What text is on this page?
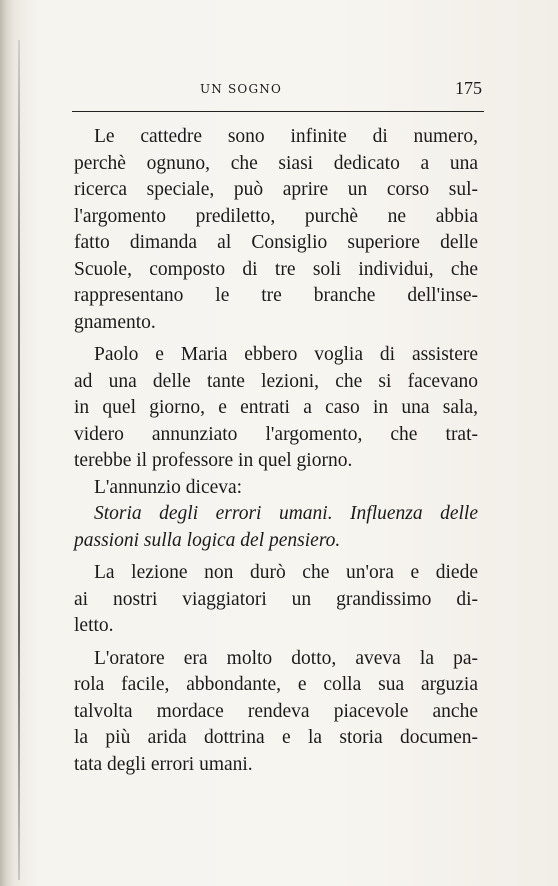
UN SOGNO	175
Le cattedre sono infinite di numero,
perchè ognuno, che siasi dedicato a una
ricerca speciale, può aprire un corso sul-
l'argomento prediletto, purchè ne abbia
fatto dimanda al Consiglio superiore delle
Scuole, composto di tre soli individui, che
rappresentano le tre branche dell'inse-
gnamento.
Paolo e Maria ebbero voglia di assistere
ad una delle tante lezioni, che si facevano
in quel giorno, e entrati a caso in una sala,
videro annunziato l'argomento, che trat-
terebbe il professore in quel giorno.
L'annunzio diceva:
Storia degli errori umani. Influenza delle
passioni sulla logica del pensiero.
La lezione non durò che un'ora e diede
ai nostri viaggiatori un grandissimo di-
letto.
L'oratore era molto dotto, aveva la pa-
rola facile, abbondante, e colla sua arguzia
talvolta mordace rendeva piacevole anche
la più arida dottrina e la storia documen-
tata degli errori umani.
